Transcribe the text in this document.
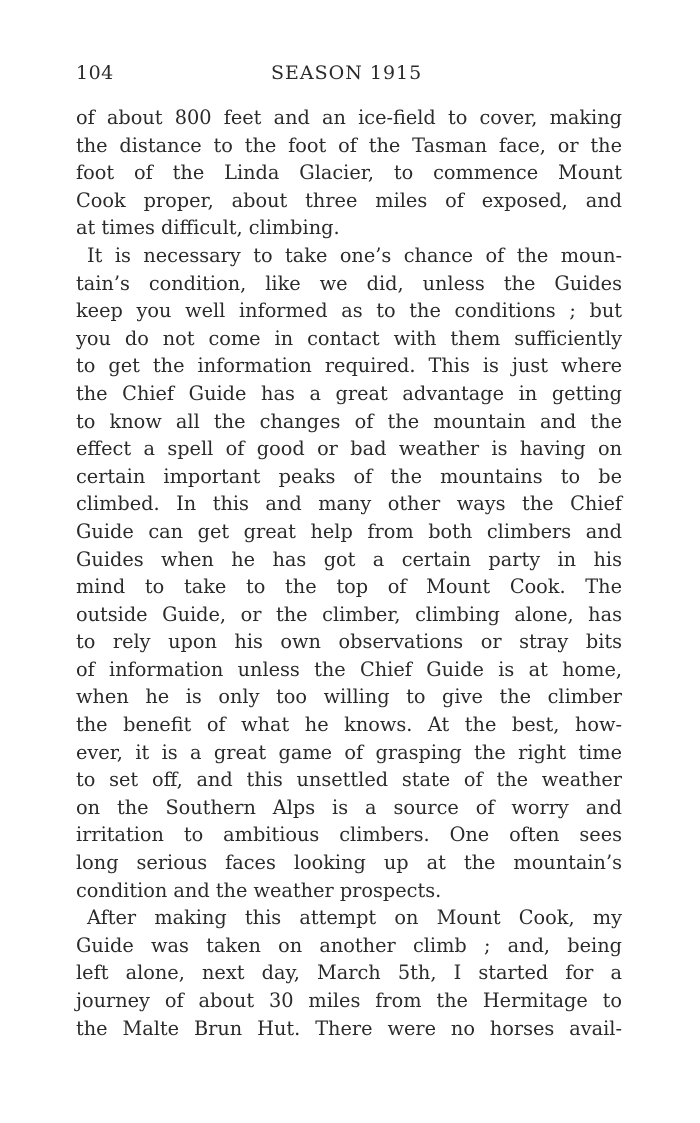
104	SEASON 1915

of about 800 feet and an ice-field to cover, making
the distance to the foot of the Tasman face, or the
foot of the Linda Glacier, to commence Mount
Cook proper, about three miles of exposed, and
at times difficult, climbing.

It is necessary to take one’s chance of the moun-
tain’s condition, like we did, unless the Guides
keep you well informed as to the conditions ; but
you do not come in contact with them sufficiently
to get the information required. This is just where
the Chief Guide has a great advantage in getting
to know all the changes of the mountain and the
effect a spell of good or bad weather is having on
certain important peaks of the mountains to be
climbed. In this and many other ways the Chief
Guide can get great help from both climbers and
Guides when he has got a certain party in his
mind to take to the top of Mount Cook. The
outside Guide, or the climber, climbing alone, has
to rely upon his own observations or stray bits
of information unless the Chief Guide is at home,
when he is only too willing to give the climber
the benefit of what he knows. At the best, how-
ever, it is a great game of grasping the right time
to set off, and this unsettled state of the weather
on the Southern Alps is a source of worry and
irritation to ambitious climbers. One often sees
long serious faces looking up at the mountain’s
condition and the weather prospects.

After making this attempt on Mount Cook, my
Guide was taken on another climb ; and, being
left alone, next day, March 5th, I started for a
journey of about 30 miles from the Hermitage to
the Malte Brun Hut. There were no horses avail-
